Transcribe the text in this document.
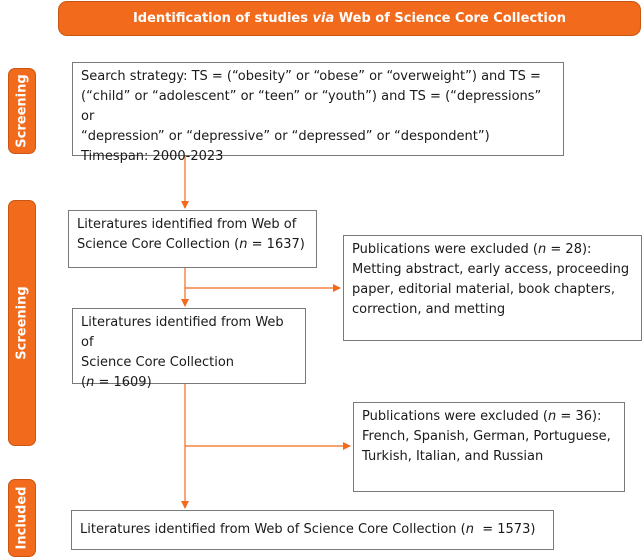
Identification of studies via Web of Science Core Collection
Screening
Screening
Included
Search strategy: TS = (“obesity” or “obese” or “overweight”) and TS =
(“child” or “adolescent” or “teen” or “youth”) and TS = (“depressions” or
“depression” or “depressive” or “depressed” or “despondent”)
Timespan: 2000-2023
Literatures identified from Web of
Science Core Collection (n = 1637)	Publications were excluded (n = 28):
Metting abstract, early access, proceeding
paper, editorial material, book chapters,
correction, and metting
Literatures identified from Web of
Science Core Collection
(n = 1609)
Publications were excluded (n = 36):
French, Spanish, German, Portuguese,
Turkish, Italian, and Russian
Literatures identified from Web of Science Core Collection (n  = 1573)
